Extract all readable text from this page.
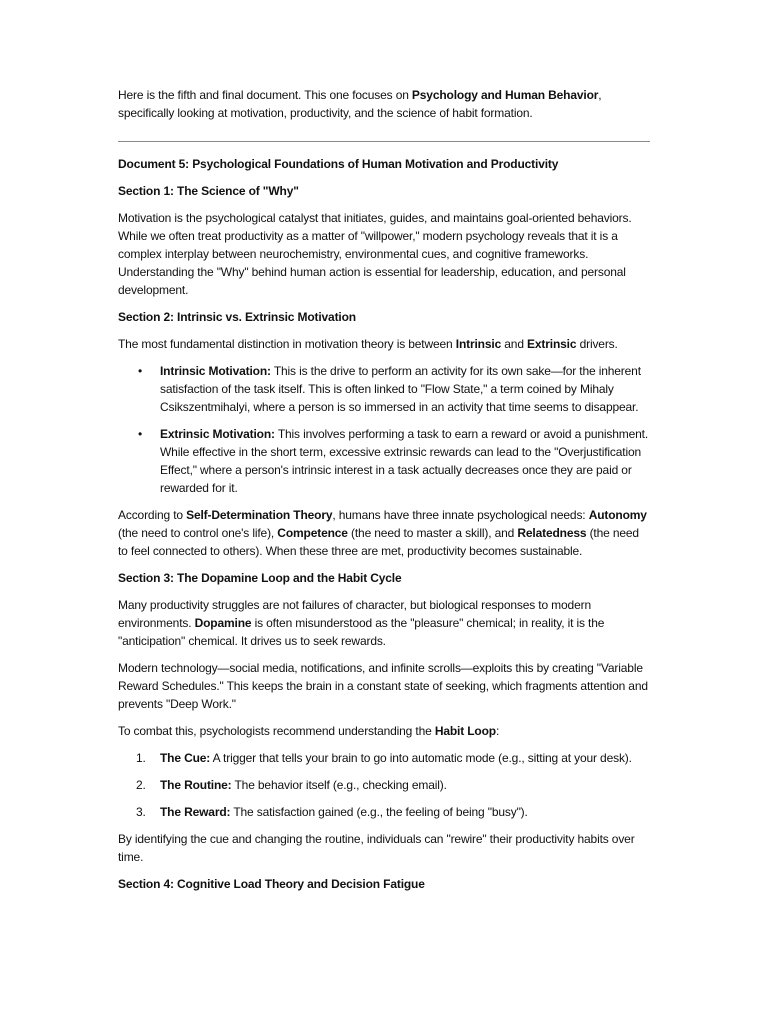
Here is the fifth and final document. This one focuses on Psychology and Human Behavior, specifically looking at motivation, productivity, and the science of habit formation.

Document 5: Psychological Foundations of Human Motivation and Productivity

Section 1: The Science of "Why"

Motivation is the psychological catalyst that initiates, guides, and maintains goal-oriented behaviors. While we often treat productivity as a matter of "willpower," modern psychology reveals that it is a complex interplay between neurochemistry, environmental cues, and cognitive frameworks. Understanding the "Why" behind human action is essential for leadership, education, and personal development.

Section 2: Intrinsic vs. Extrinsic Motivation

The most fundamental distinction in motivation theory is between Intrinsic and Extrinsic drivers.

• Intrinsic Motivation: This is the drive to perform an activity for its own sake—for the inherent satisfaction of the task itself. This is often linked to "Flow State," a term coined by Mihaly Csikszentmihalyi, where a person is so immersed in an activity that time seems to disappear.
• Extrinsic Motivation: This involves performing a task to earn a reward or avoid a punishment. While effective in the short term, excessive extrinsic rewards can lead to the "Overjustification Effect," where a person's intrinsic interest in a task actually decreases once they are paid or rewarded for it.

According to Self-Determination Theory, humans have three innate psychological needs: Autonomy (the need to control one's life), Competence (the need to master a skill), and Relatedness (the need to feel connected to others). When these three are met, productivity becomes sustainable.

Section 3: The Dopamine Loop and the Habit Cycle

Many productivity struggles are not failures of character, but biological responses to modern environments. Dopamine is often misunderstood as the "pleasure" chemical; in reality, it is the "anticipation" chemical. It drives us to seek rewards.

Modern technology—social media, notifications, and infinite scrolls—exploits this by creating "Variable Reward Schedules." This keeps the brain in a constant state of seeking, which fragments attention and prevents "Deep Work."

To combat this, psychologists recommend understanding the Habit Loop:

1. The Cue: A trigger that tells your brain to go into automatic mode (e.g., sitting at your desk).
2. The Routine: The behavior itself (e.g., checking email).
3. The Reward: The satisfaction gained (e.g., the feeling of being "busy").

By identifying the cue and changing the routine, individuals can "rewire" their productivity habits over time.

Section 4: Cognitive Load Theory and Decision Fatigue
